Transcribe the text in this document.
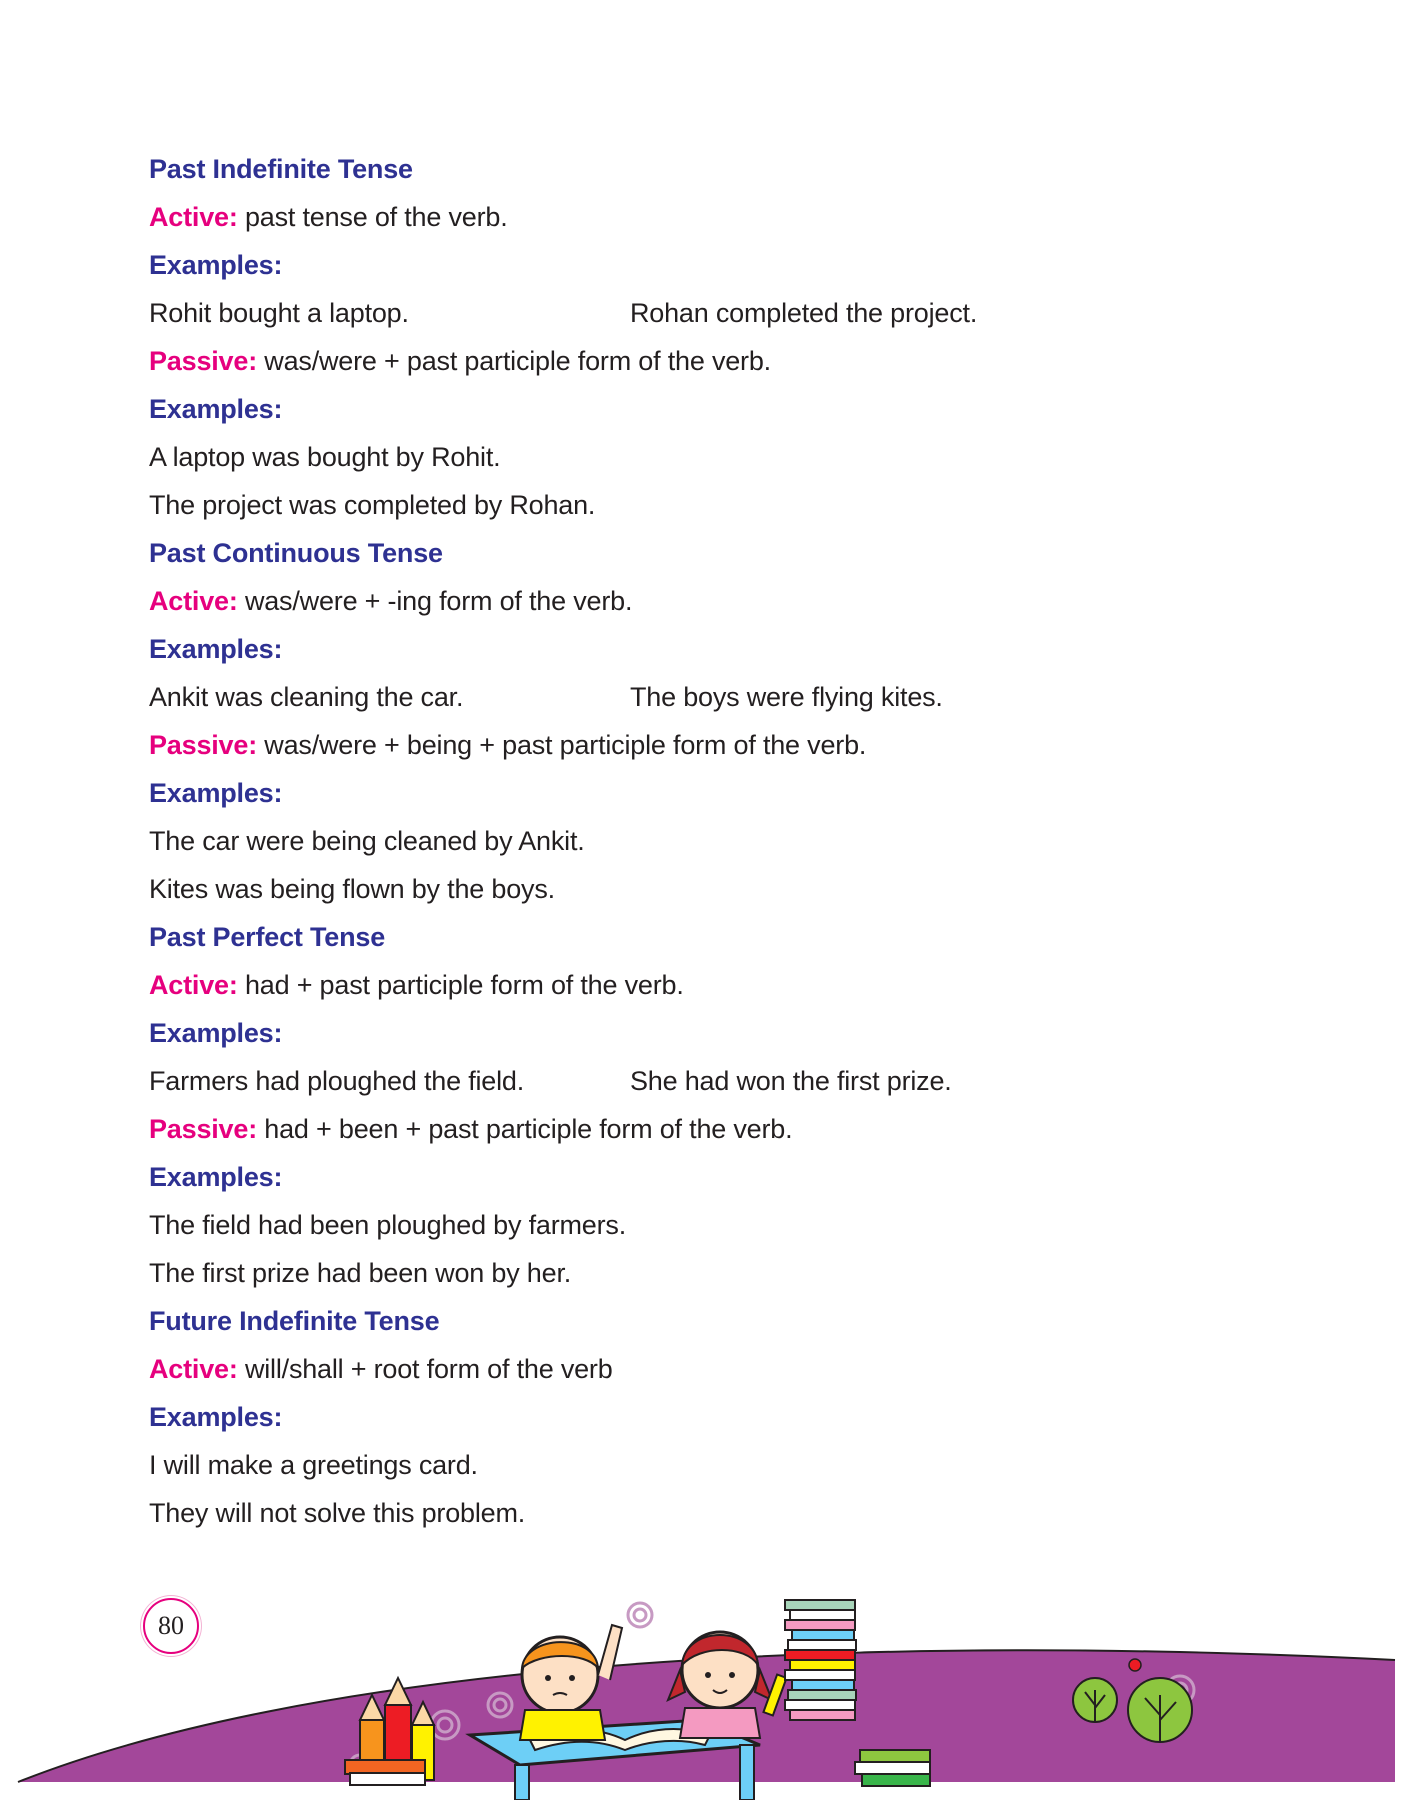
Past Indefinite Tense
Active: past tense of the verb.
Examples:
Rohit bought a laptop.	Rohan completed the project.
Passive: was/were + past participle form of the verb.
Examples:
A laptop was bought by Rohit.
The project was completed by Rohan.
Past Continuous Tense
Active: was/were + -ing form of the verb.
Examples:
Ankit was cleaning the car.	The boys were flying kites.
Passive: was/were + being + past participle form of the verb.
Examples:
The car were being cleaned by Ankit.
Kites was being flown by the boys.
Past Perfect Tense
Active: had + past participle form of the verb.
Examples:
Farmers had ploughed the field.	She had won the first prize.
Passive: had + been + past participle form of the verb.
Examples:
The field had been ploughed by farmers.
The first prize had been won by her.
Future Indefinite Tense
Active: will/shall + root form of the verb
Examples:
I will make a greetings card.
They will not solve this problem.
80
